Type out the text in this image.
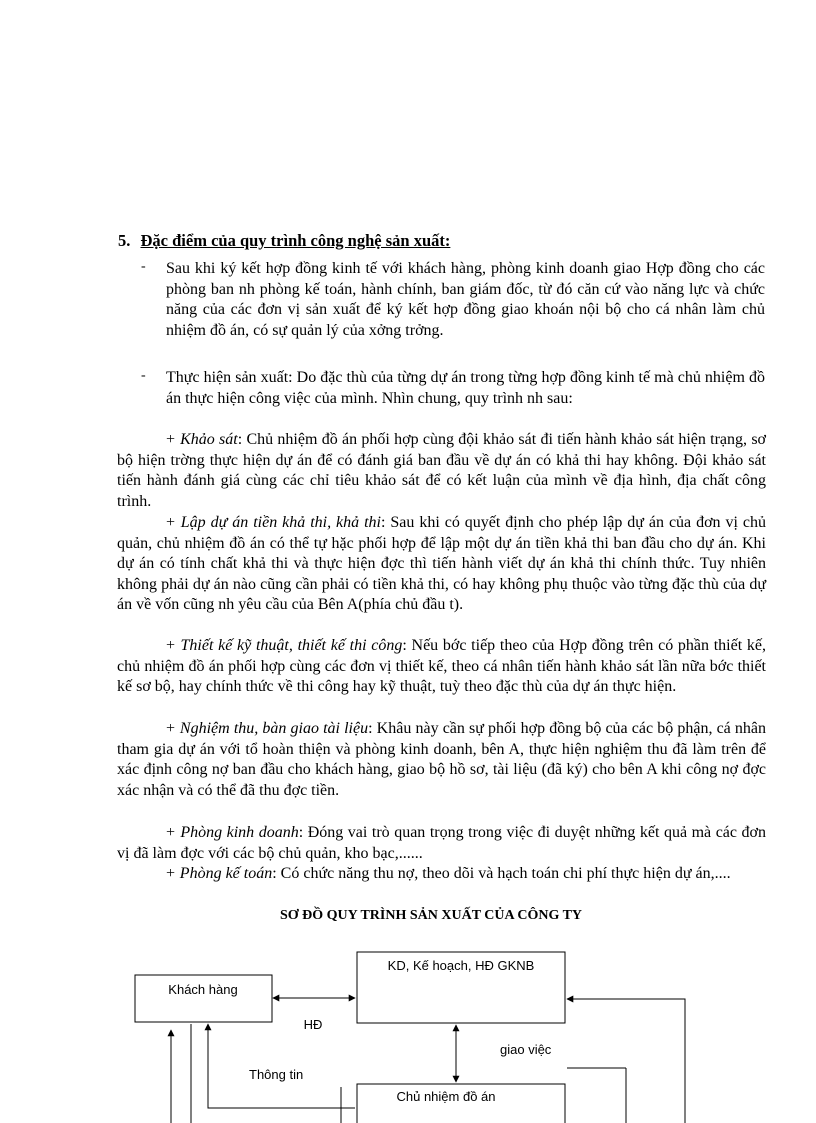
5. Đặc điểm của quy trình công nghệ sản xuất:
- Sau khi ký kết hợp đồng kinh tế với khách hàng, phòng kinh doanh giao Hợp đồng cho các phòng ban nh phòng kế toán, hành chính, ban giám đốc, từ đó căn cứ vào năng lực và chức năng của các đơn vị sản xuất để ký kết hợp đồng giao khoán nội bộ cho cá nhân làm chủ nhiệm đồ án, có sự quản lý của xởng trởng.
- Thực hiện sản xuất: Do đặc thù của từng dự án trong từng hợp đồng kinh tế mà chủ nhiệm đồ án thực hiện công việc của mình. Nhìn chung, quy trình nh sau:

+ Khảo sát: Chủ nhiệm đồ án phối hợp cùng đội khảo sát đi tiến hành khảo sát hiện trạng, sơ bộ hiện trờng thực hiện dự án để có đánh giá ban đầu về dự án có khả thi hay không. Đội khảo sát tiến hành đánh giá cùng các chỉ tiêu khảo sát để có kết luận của mình về địa hình, địa chất công trình.

+ Lập dự án tiền khả thi, khả thi: Sau khi có quyết định cho phép lập dự án của đơn vị chủ quản, chủ nhiệm đồ án có thể tự hặc phối hợp để lập một dự án tiền khả thi ban đầu cho dự án. Khi dự án có tính chất khả thi và thực hiện đợc thì tiến hành viết dự án khả thi chính thức. Tuy nhiên không phải dự án nào cũng cần phải có tiền khả thi, có hay không phụ thuộc vào từng đặc thù của dự án về vốn cũng nh yêu cầu của Bên A(phía chủ đầu t).

+ Thiết kế kỹ thuật, thiết kế thi công: Nếu bớc tiếp theo của Hợp đồng trên có phần thiết kế, chủ nhiệm đồ án phối hợp cùng các đơn vị thiết kế, theo cá nhân tiến hành khảo sát lần nữa bớc thiết kế sơ bộ, hay chính thức về thi công hay kỹ thuật, tuỳ theo đặc thù của dự án thực hiện.

+ Nghiệm thu, bàn giao tài liệu: Khâu này cần sự phối hợp đồng bộ của các bộ phận, cá nhân tham gia dự án với tổ hoàn thiện và phòng kinh doanh, bên A, thực hiện nghiệm thu đã làm trên để xác định công nợ ban đầu cho khách hàng, giao bộ hồ sơ, tài liệu (đã ký) cho bên A khi công nợ đợc xác nhận và có thể đã thu đợc tiền.

+ Phòng kinh doanh: Đóng vai trò quan trọng trong việc đi duyệt những kết quả mà các đơn vị đã làm đợc với các bộ chủ quản, kho bạc,......

+ Phòng kế toán: Có chức năng thu nợ, theo dõi và hạch toán chi phí thực hiện dự án,....

SƠ ĐỒ QUY TRÌNH SẢN XUẤT CỦA CÔNG TY
Khách hàng
KD, Kế hoạch, HĐ GKNB
Chủ nhiệm đồ án
HĐ
giao việc
Thông tin
